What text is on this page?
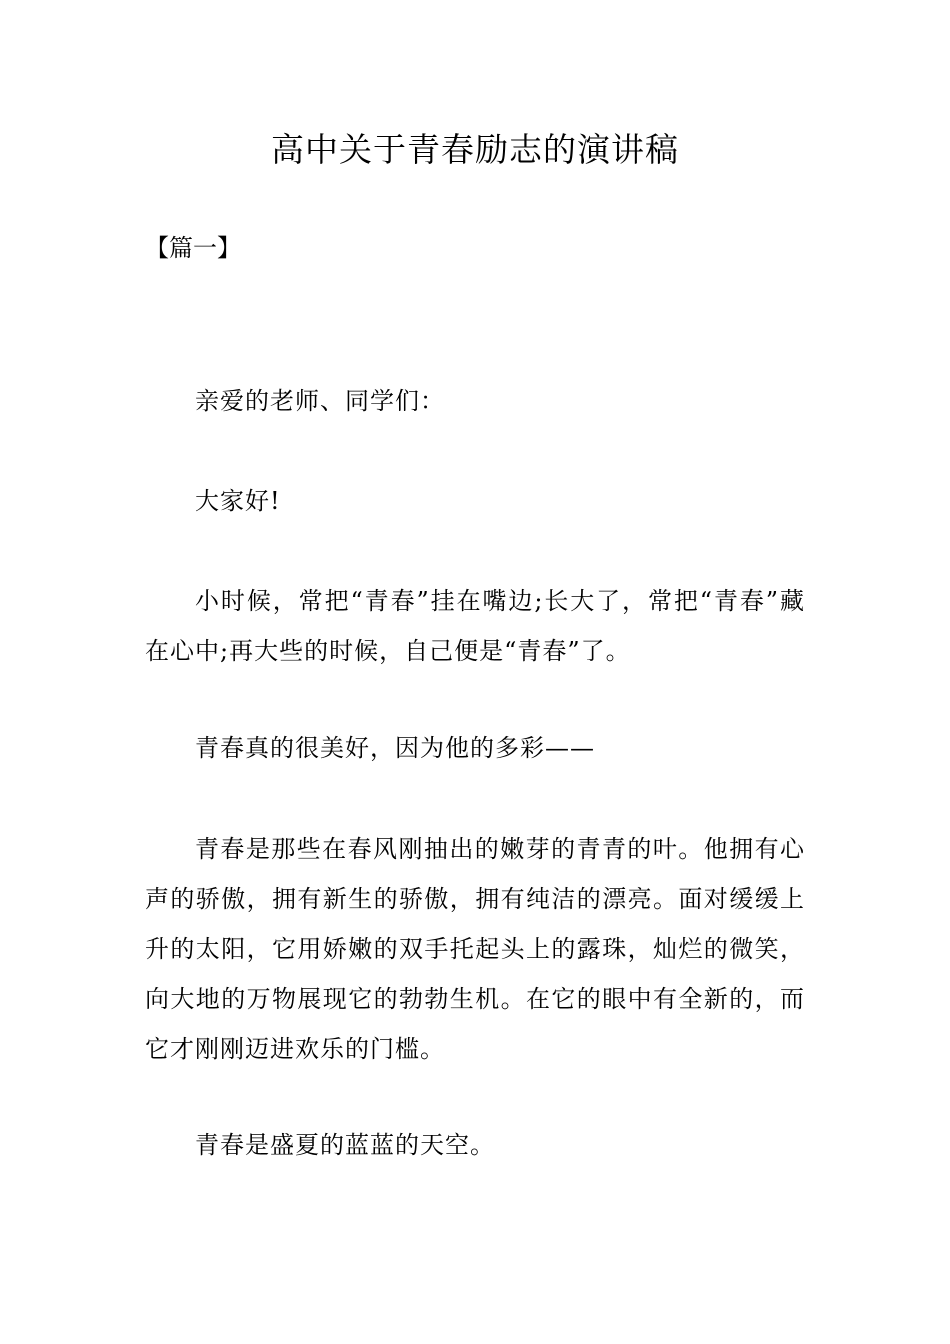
高中关于青春励志的演讲稿
【篇一】

亲爱的老师、同学们：

大家好!

小时候，常把“青春”挂在嘴边;长大了，常把“青春”藏在心中;再大些的时候，自己便是“青春”了。

青春真的很美好，因为他的多彩——

青春是那些在春风刚抽出的嫩芽的青青的叶。他拥有心声的骄傲，拥有新生的骄傲，拥有纯洁的漂亮。面对缓缓上升的太阳，它用娇嫩的双手托起头上的露珠，灿烂的微笑，向大地的万物展现它的勃勃生机。在它的眼中有全新的，而它才刚刚迈进欢乐的门槛。

青春是盛夏的蓝蓝的天空。
